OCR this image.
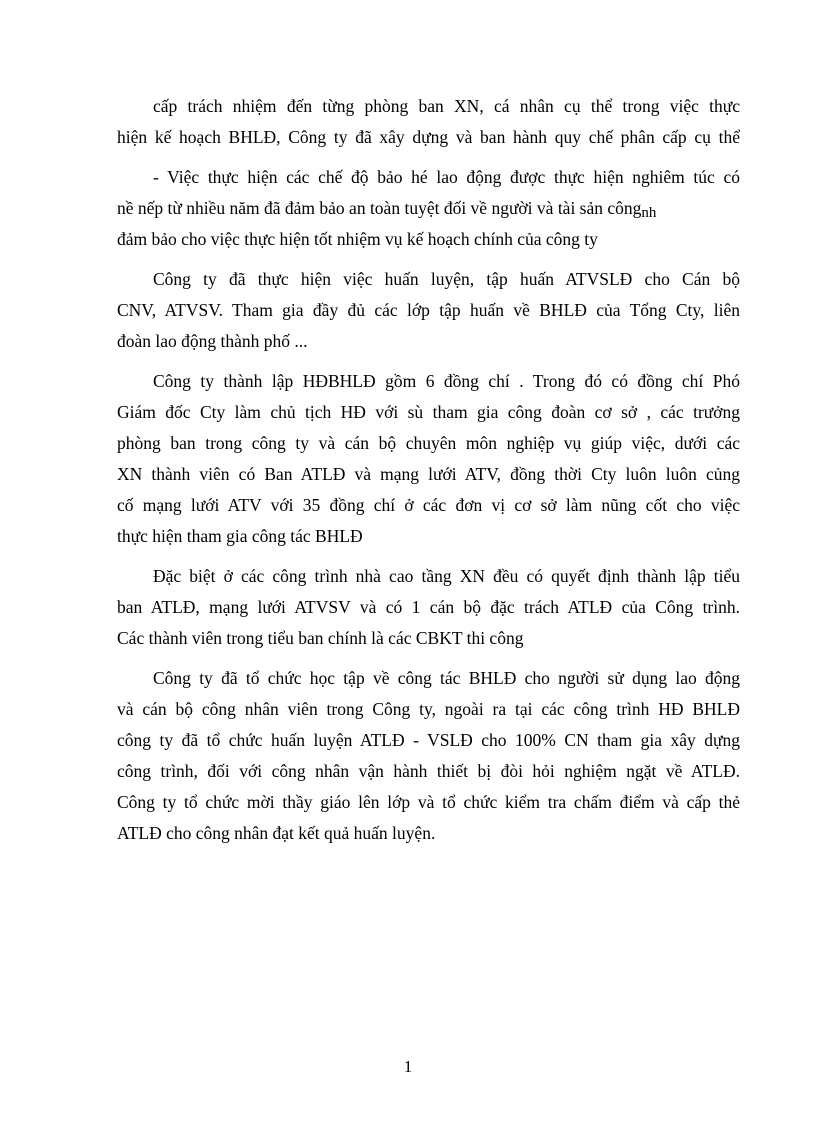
cấp trách nhiệm đến từng phòng ban XN, cá nhân cụ thể trong việc thực
hiện kế hoạch BHLĐ, Công ty đã xây dựng và ban hành quy chế phân cấp cụ thể
- Việc thực hiện các chế độ bảo hé lao động được thực hiện nghiêm túc có
nề nếp từ nhiều năm đã đảm bảo an toàn tuyệt đối về người và tài sản côngnh
đảm bảo cho việc thực hiện tốt nhiệm vụ kế hoạch chính của công ty
Công ty đã thực hiện việc huấn luyện, tập huấn ATVSLĐ cho Cán bộ
CNV, ATVSV. Tham gia đầy đủ các lớp tập huấn về BHLĐ của Tổng Cty, liên
đoàn lao động thành phố ...
Công ty thành lập HĐBHLĐ gồm 6 đồng chí . Trong đó có đồng chí Phó
Giám đốc Cty làm chủ tịch HĐ với sù tham gia công đoàn cơ sở , các trưởng
phòng ban trong công ty và cán bộ chuyên môn nghiệp vụ giúp việc, dưới các
XN thành viên có Ban ATLĐ và mạng lưới ATV, đồng thời Cty luôn luôn củng
cố mạng lưới ATV với 35 đồng chí ở các đơn vị cơ sở làm nũng cốt cho việc
thực hiện tham gia công tác BHLĐ
Đặc biệt ở các công trình nhà cao tầng XN đều có quyết định thành lập tiểu
ban ATLĐ, mạng lưới ATVSV và có 1 cán bộ đặc trách ATLĐ của Công trình.
Các thành viên trong tiểu ban chính là các CBKT thi công
Công ty đã tổ chức học tập về công tác BHLĐ cho người sử dụng lao động
và cán bộ công nhân viên trong Công ty, ngoài ra tại các công trình HĐ BHLĐ
công ty đã tổ chức huấn luyện ATLĐ - VSLĐ cho 100% CN tham gia xây dựng
công trình, đối với công nhân vận hành thiết bị đòi hỏi nghiệm ngặt về ATLĐ.
Công ty tổ chức mời thầy giáo lên lớp và tổ chức kiểm tra chấm điểm và cấp thẻ
ATLĐ cho công nhân đạt kết quả huấn luyện.
1
